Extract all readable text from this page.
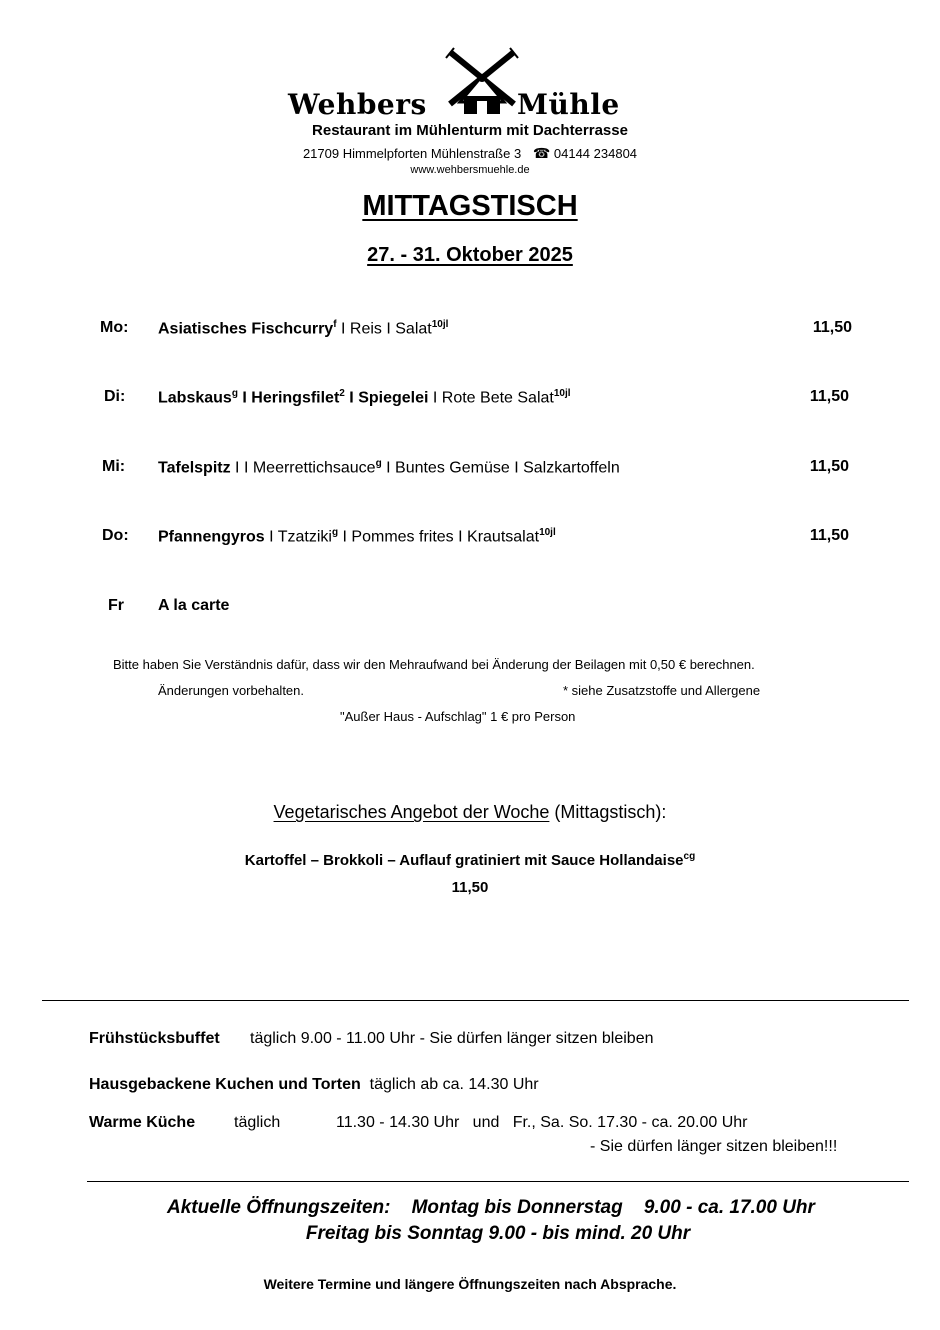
Wehbers	Mühle
Restaurant im Mühlenturm mit Dachterrasse
21709 Himmelpforten Mühlenstraße 3 ☎ 04144 234804
www.wehbersmuehle.de
MITTAGSTISCH
27. - 31. Oktober 2025
Mo: Asiatisches Fischcurry$^f$ I Reis I Salat$^{10jl}$	11,50
Di: Labskaus$^g$ I Heringsfilet$^2$ I Spiegelei I Rote Bete Salat$^{10jl}$	11,50
Mi: Tafelspitz I I Meerrettichsauce$^g$ I Buntes Gemüse I Salzkartoffeln	11,50
Do: Pfannengyros I Tzatziki$^g$ I Pommes frites I Krautsalat$^{10jl}$	11,50
Fr A la carte
Bitte haben Sie Verständnis dafür, dass wir den Mehraufwand bei Änderung der Beilagen mit 0,50 € berechnen.
Änderungen vorbehalten.	* siehe Zusatzstoffe und Allergene
"Außer Haus - Aufschlag" 1 € pro Person
Vegetarisches Angebot der Woche (Mittagstisch):
Kartoffel – Brokkoli – Auflauf gratiniert mit Sauce Hollandaise$^{cg}$
11,50
Frühstücksbuffet täglich 9.00 - 11.00 Uhr - Sie dürfen länger sitzen bleiben
Hausgebackene Kuchen und Torten täglich ab ca. 14.30 Uhr
Warme Küche täglich	11.30 - 14.30 Uhr   und   Fr., Sa. So. 17.30 - ca. 20.00 Uhr
- Sie dürfen länger sitzen bleiben!!!
Aktuelle Öffnungszeiten: Montag bis Donnerstag 9.00 - ca. 17.00 Uhr
Freitag bis Sonntag 9.00 - bis mind. 20 Uhr
Weitere Termine und längere Öffnungszeiten nach Absprache.
